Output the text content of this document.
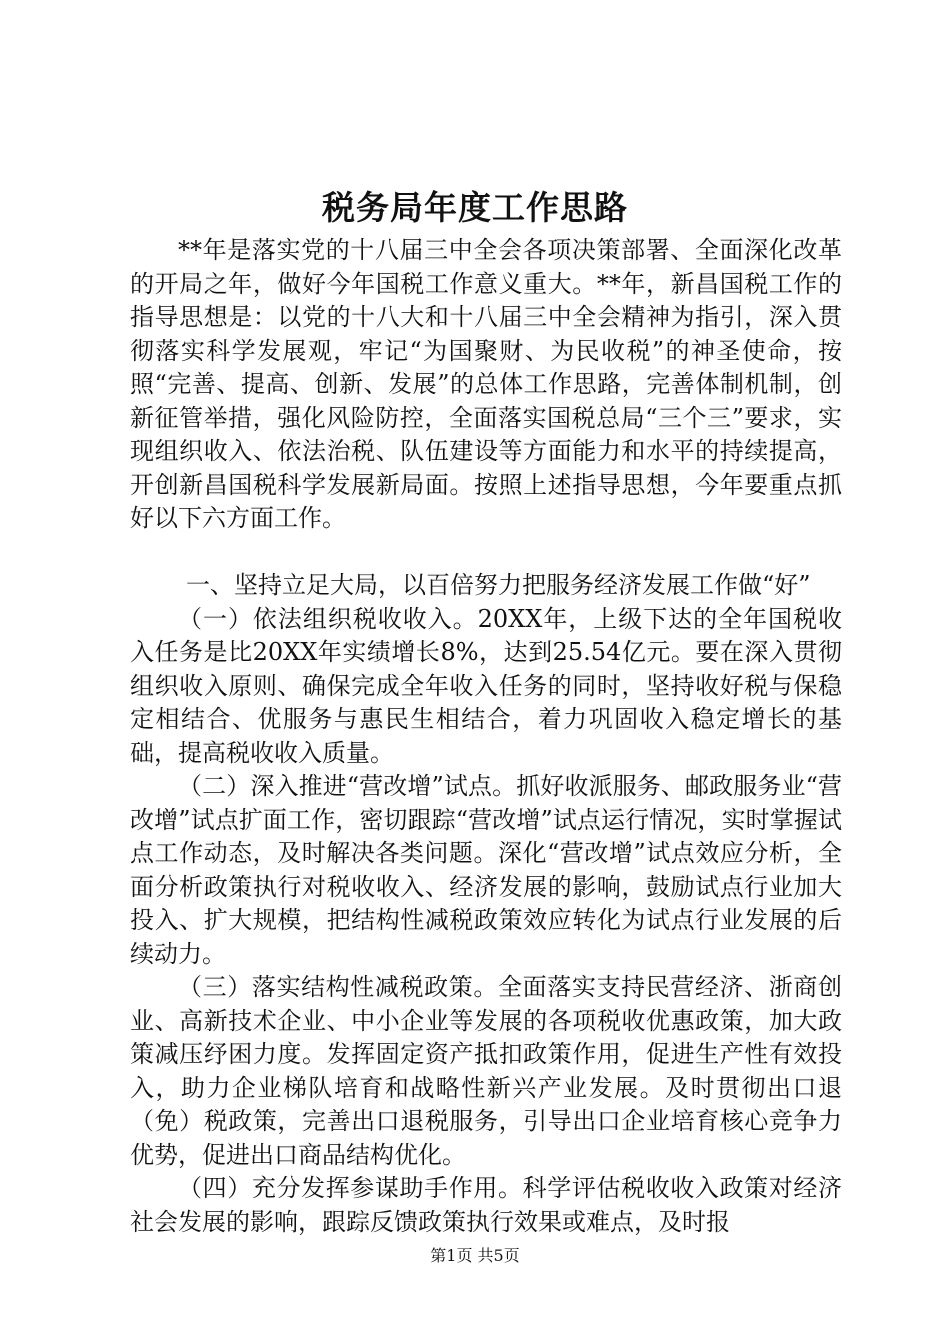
税务局年度工作思路

**年是落实党的十八届三中全会各项决策部署、全面深化改革的开局之年，做好今年国税工作意义重大。**年，新昌国税工作的指导思想是：以党的十八大和十八届三中全会精神为指引，深入贯彻落实科学发展观，牢记“为国聚财、为民收税”的神圣使命，按照“完善、提高、创新、发展”的总体工作思路，完善体制机制，创新征管举措，强化风险防控，全面落实国税总局“三个三”要求，实现组织收入、依法治税、队伍建设等方面能力和水平的持续提高，开创新昌国税科学发展新局面。按照上述指导思想，今年要重点抓好以下六方面工作。

一、坚持立足大局，以百倍努力把服务经济发展工作做“好”

（一）依法组织税收收入。20XX年，上级下达的全年国税收入任务是比20XX年实绩增长8%，达到25.54亿元。要在深入贯彻组织收入原则、确保完成全年收入任务的同时，坚持收好税与保稳定相结合、优服务与惠民生相结合，着力巩固收入稳定增长的基础，提高税收收入质量。

（二）深入推进“营改增”试点。抓好收派服务、邮政服务业“营改增”试点扩面工作，密切跟踪“营改增”试点运行情况，实时掌握试点工作动态，及时解决各类问题。深化“营改增”试点效应分析，全面分析政策执行对税收收入、经济发展的影响，鼓励试点行业加大投入、扩大规模，把结构性减税政策效应转化为试点行业发展的后续动力。

（三）落实结构性减税政策。全面落实支持民营经济、浙商创业、高新技术企业、中小企业等发展的各项税收优惠政策，加大政策减压纾困力度。发挥固定资产抵扣政策作用，促进生产性有效投入，助力企业梯队培育和战略性新兴产业发展。及时贯彻出口退（免）税政策，完善出口退税服务，引导出口企业培育核心竞争力优势，促进出口商品结构优化。

（四）充分发挥参谋助手作用。科学评估税收收入政策对经济社会发展的影响，跟踪反馈政策执行效果或难点，及时报

第1页 共5页
